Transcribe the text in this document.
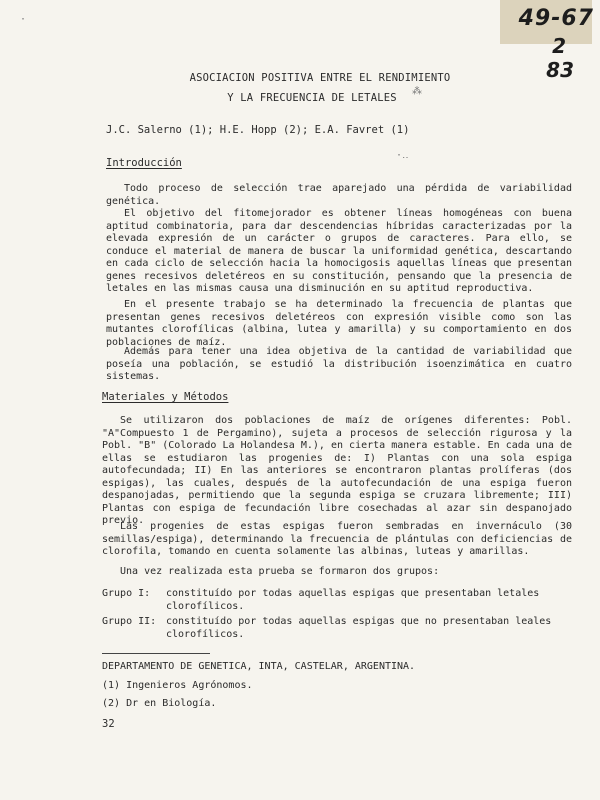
49-67
2
83
ASOCIACION POSITIVA ENTRE EL RENDIMIENTO
Y LA FRECUENCIA DE LETALES
J.C. Salerno (1); H.E. Hopp (2); E.A. Favret (1)
Introducción

Todo proceso de selección trae aparejado una pérdida de variabilidad genética.

El objetivo del fitomejorador es obtener líneas homogéneas con buena aptitud combinatoria, para dar descendencias híbridas caracterizadas por la elevada expresión de un carácter o grupos de caracteres. Para ello, se conduce el material de manera de buscar la uniformidad genética, descartando en cada ciclo de selección hacia la homocigosis aquellas líneas que presentan genes recesivos deletéreos en su constitución, pensando que la presencia de letales en las mismas causa una disminución en su aptitud reproductiva.

En el presente trabajo se ha determinado la frecuencia de plantas que presentan genes recesivos deletéreos con expresión visible como son las mutantes clorofílicas (albina, lutea y amarilla) y su comportamiento en dos poblaciones de maíz.

Además para tener una idea objetiva de la cantidad de variabilidad que poseía una población, se estudió la distribución isoenzimática en cuatro sistemas.

Materiales y Métodos

Se utilizaron dos poblaciones de maíz de orígenes diferentes: Pobl. "A"Compuesto 1 de Pergamino), sujeta a procesos de selección rigurosa y la Pobl. "B" (Colorado La Holandesa M.), en cierta manera estable. En cada una de ellas se estudiaron las progenies de: I) Plantas con una sola espiga autofecundada; II) En las anteriores se encontraron plantas prolíferas (dos espigas), las cuales, después de la autofecundación de una espiga fueron despanojadas, permitiendo que la segunda espiga se cruzara libremente; III) Plantas con espiga de fecundación libre cosechadas al azar sin despanojado previo.

Las progenies de estas espigas fueron sembradas en invernáculo (30 semillas/espiga), determinando la frecuencia de plántulas con deficiencias de clorofila, tomando en cuenta solamente las albinas, luteas y amarillas.

Una vez realizada esta prueba se formaron dos grupos:

Grupo I:	constituído por todas aquellas espigas que presentaban letales clorofílicos.
Grupo II: constituído por todas aquellas espigas que no presentaban leales clorofílicos.
DEPARTAMENTO DE GENETICA, INTA, CASTELAR, ARGENTINA.
(1) Ingenieros Agrónomos.
(2) Dr en Biología.
32
·
⁂
·‥
